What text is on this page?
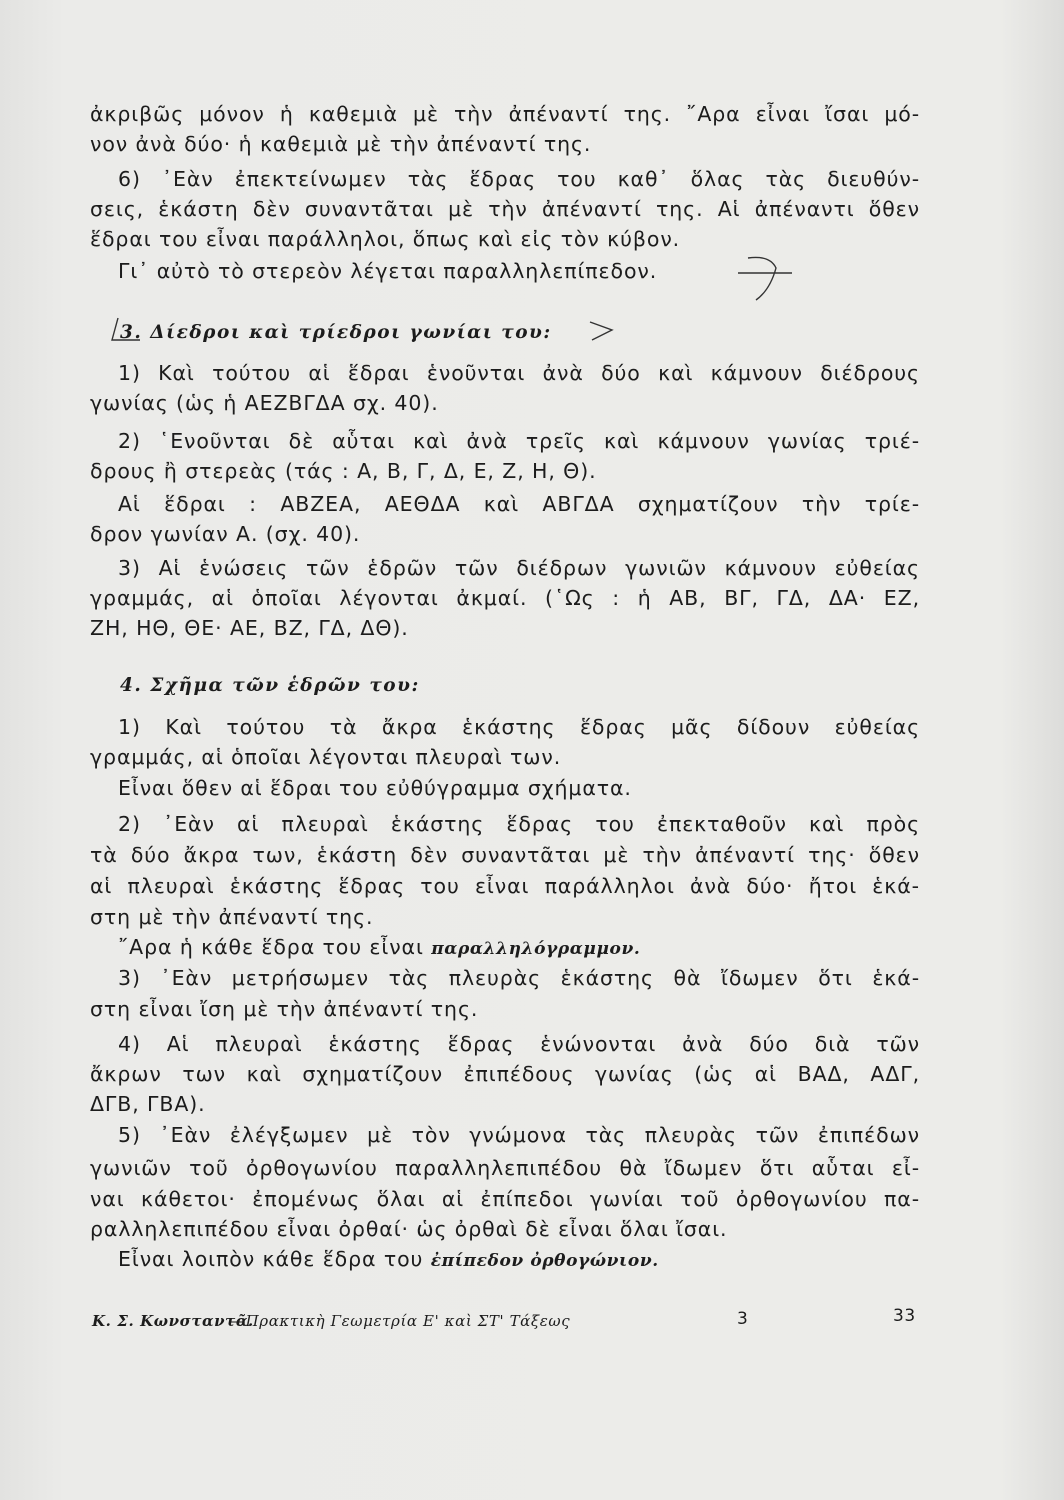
ἀκριβῶς μόνον ἡ καθεμιὰ μὲ τὴν ἀπέναντί της. ῎Αρα εἶναι ἴσαι μό-
νον ἀνὰ δύο· ἡ καθεμιὰ μὲ τὴν ἀπέναντί της.
6) ᾿Εὰν ἐπεκτείνωμεν τὰς ἕδρας του καθ᾿ ὅλας τὰς διευθύν-
σεις, ἑκάστη δὲν συναντᾶται μὲ τὴν ἀπέναντί της. Αἱ ἀπέναντι ὅθεν
ἕδραι του εἶναι παράλληλοι, ὅπως καὶ εἰς τὸν κύβον.
Γι᾿ αὐτὸ τὸ στερεὸν λέγεται παραλληλεπίπεδον.
3. Δίεδροι καὶ τρίεδροι γωνίαι του:
1) Καὶ τούτου αἱ ἕδραι ἑνοῦνται ἀνὰ δύο καὶ κάμνουν διέδρους
γωνίας (ὡς ἡ ΑΕΖΒΓΔΑ σχ. 40).
2) ῾Ενοῦνται δὲ αὗται καὶ ἀνὰ τρεῖς καὶ κάμνουν γωνίας τριέ-
δρους ἢ στερεὰς (τάς : Α, Β, Γ, Δ, Ε, Ζ, Η, Θ).
Αἱ ἕδραι : ΑΒΖΕΑ, ΑΕΘΔΑ καὶ ΑΒΓΔΑ σχηματίζουν τὴν τρίε-
δρον γωνίαν Α. (σχ. 40).
3) Αἱ ἑνώσεις τῶν ἑδρῶν τῶν διέδρων γωνιῶν κάμνουν εὐθείας
γραμμάς, αἱ ὁποῖαι λέγονται ἀκμαί. (῾Ως : ἡ ΑΒ, ΒΓ, ΓΔ, ΔΑ· ΕΖ,
ΖΗ, ΗΘ, ΘΕ· ΑΕ, ΒΖ, ΓΔ, ΔΘ).
4. Σχῆμα τῶν ἑδρῶν του:
1) Καὶ τούτου τὰ ἄκρα ἑκάστης ἕδρας μᾶς δίδουν εὐθείας
γραμμάς, αἱ ὁποῖαι λέγονται πλευραὶ των.
Εἶναι ὅθεν αἱ ἕδραι του εὐθύγραμμα σχήματα.
2) ᾿Εὰν αἱ πλευραὶ ἑκάστης ἕδρας του ἐπεκταθοῦν καὶ πρὸς
τὰ δύο ἄκρα των, ἑκάστη δὲν συναντᾶται μὲ τὴν ἀπέναντί της· ὅθεν
αἱ πλευραὶ ἑκάστης ἕδρας του εἶναι παράλληλοι ἀνὰ δύο· ἤτοι ἑκά-
στη μὲ τὴν ἀπέναντί της.
῎Αρα ἡ κάθε ἕδρα του εἶναι παραλληλόγραμμον.
3) ᾿Εὰν μετρήσωμεν τὰς πλευρὰς ἑκάστης θὰ ἴδωμεν ὅτι ἑκά-
στη εἶναι ἴση μὲ τὴν ἀπέναντί της.
4) Αἱ πλευραὶ ἑκάστης ἕδρας ἑνώνονται ἀνὰ δύο διὰ τῶν
ἄκρων των καὶ σχηματίζουν ἐπιπέδους γωνίας (ὡς αἱ ΒΑΔ, ΑΔΓ,
ΔΓΒ, ΓΒΑ).
5) ᾿Εὰν ἐλέγξωμεν μὲ τὸν γνώμονα τὰς πλευρὰς τῶν ἐπιπέδων
γωνιῶν τοῦ ὀρθογωνίου παραλληλεπιπέδου θὰ ἴδωμεν ὅτι αὗται εἶ-
ναι κάθετοι· ἐπομένως ὅλαι αἱ ἐπίπεδοι γωνίαι τοῦ ὀρθογωνίου πα-
ραλληλεπιπέδου εἶναι ὀρθαί· ὡς ὀρθαὶ δὲ εἶναι ὅλαι ἴσαι.
Εἶναι λοιπὸν κάθε ἕδρα του ἐπίπεδον ὀρθογώνιον.
Κ. Σ. Κωνσταντᾶ.
—Πρακτικὴ Γεωμετρία Ε' καὶ ΣΤ' Τάξεως	3	33
